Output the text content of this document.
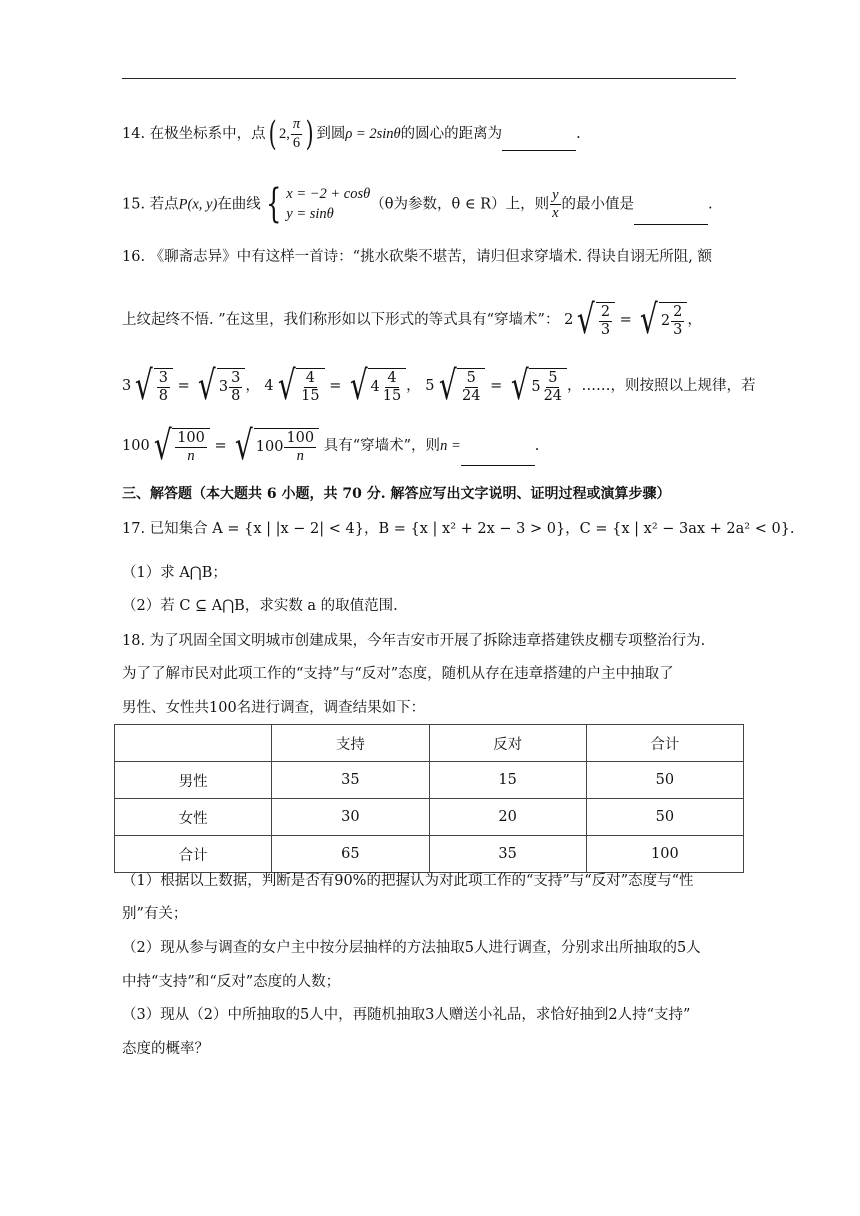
14. 在极坐标系中，点( 2, $\frac{\pi}{6}$ ) 到圆ρ = 2sinθ的圆心的距离为	.
15. 若点P(x, y)在曲线 { x = −2 + cosθ
y = sinθ
（θ为参数，θ ∈ R）上，则 $\frac{y}{x}$ 的最小值是	.
16. 《聊斋志异》中有这样一首诗：“挑水砍柴不堪苦，请归但求穿墙术. 得诀自诩无所阻, 额
上纹起终不悟. ”在这里，我们称形如以下形式的等式具有“穿墙术”： 2 √ $\frac{2}{3}$ = √ $2 \frac{2}{3}$ ，
3 √ $\frac{3}{8}$ = √ $3 \frac{3}{8}$ ， 4 √ $\frac{4}{15}$ = √ $4 \frac{4}{15}$ ， 5 √ $\frac{5}{24}$ = √ $5 \frac{5}{24}$ ，……，则按照以上规律，若
100 √ $\frac{100}{n}$ = √ $100 \frac{100}{n}$ 具有“穿墙术”，则n =	.
三、解答题（本大题共 6 小题，共 70 分. 解答应写出文字说明、证明过程或演算步骤）
17. 已知集合 A = {x | |x − 2| < 4}，B = {x | x² + 2x − 3 > 0}，C = {x | x² − 3ax + 2a² < 0}.
（1）求 A⋂B；
（2）若 C ⊆ A⋂B，求实数 a 的取值范围.
18. 为了巩固全国文明城市创建成果，今年吉安市开展了拆除违章搭建铁皮棚专项整治行为.
为了了解市民对此项工作的“支持”与“反对”态度，随机从存在违章搭建的户主中抽取了
男性、女性共100名进行调查，调查结果如下：
	支持	反对	合计
男性	35	15	50
女性	30	20	50
合计	65	35	100
（1）根据以上数据，判断是否有90%的把握认为对此项工作的“支持”与“反对”态度与“性
别”有关；
（2）现从参与调查的女户主中按分层抽样的方法抽取5人进行调查，分别求出所抽取的5人
中持“支持”和“反对”态度的人数；
（3）现从（2）中所抽取的5人中，再随机抽取3人赠送小礼品，求恰好抽到2人持“支持”
态度的概率？
